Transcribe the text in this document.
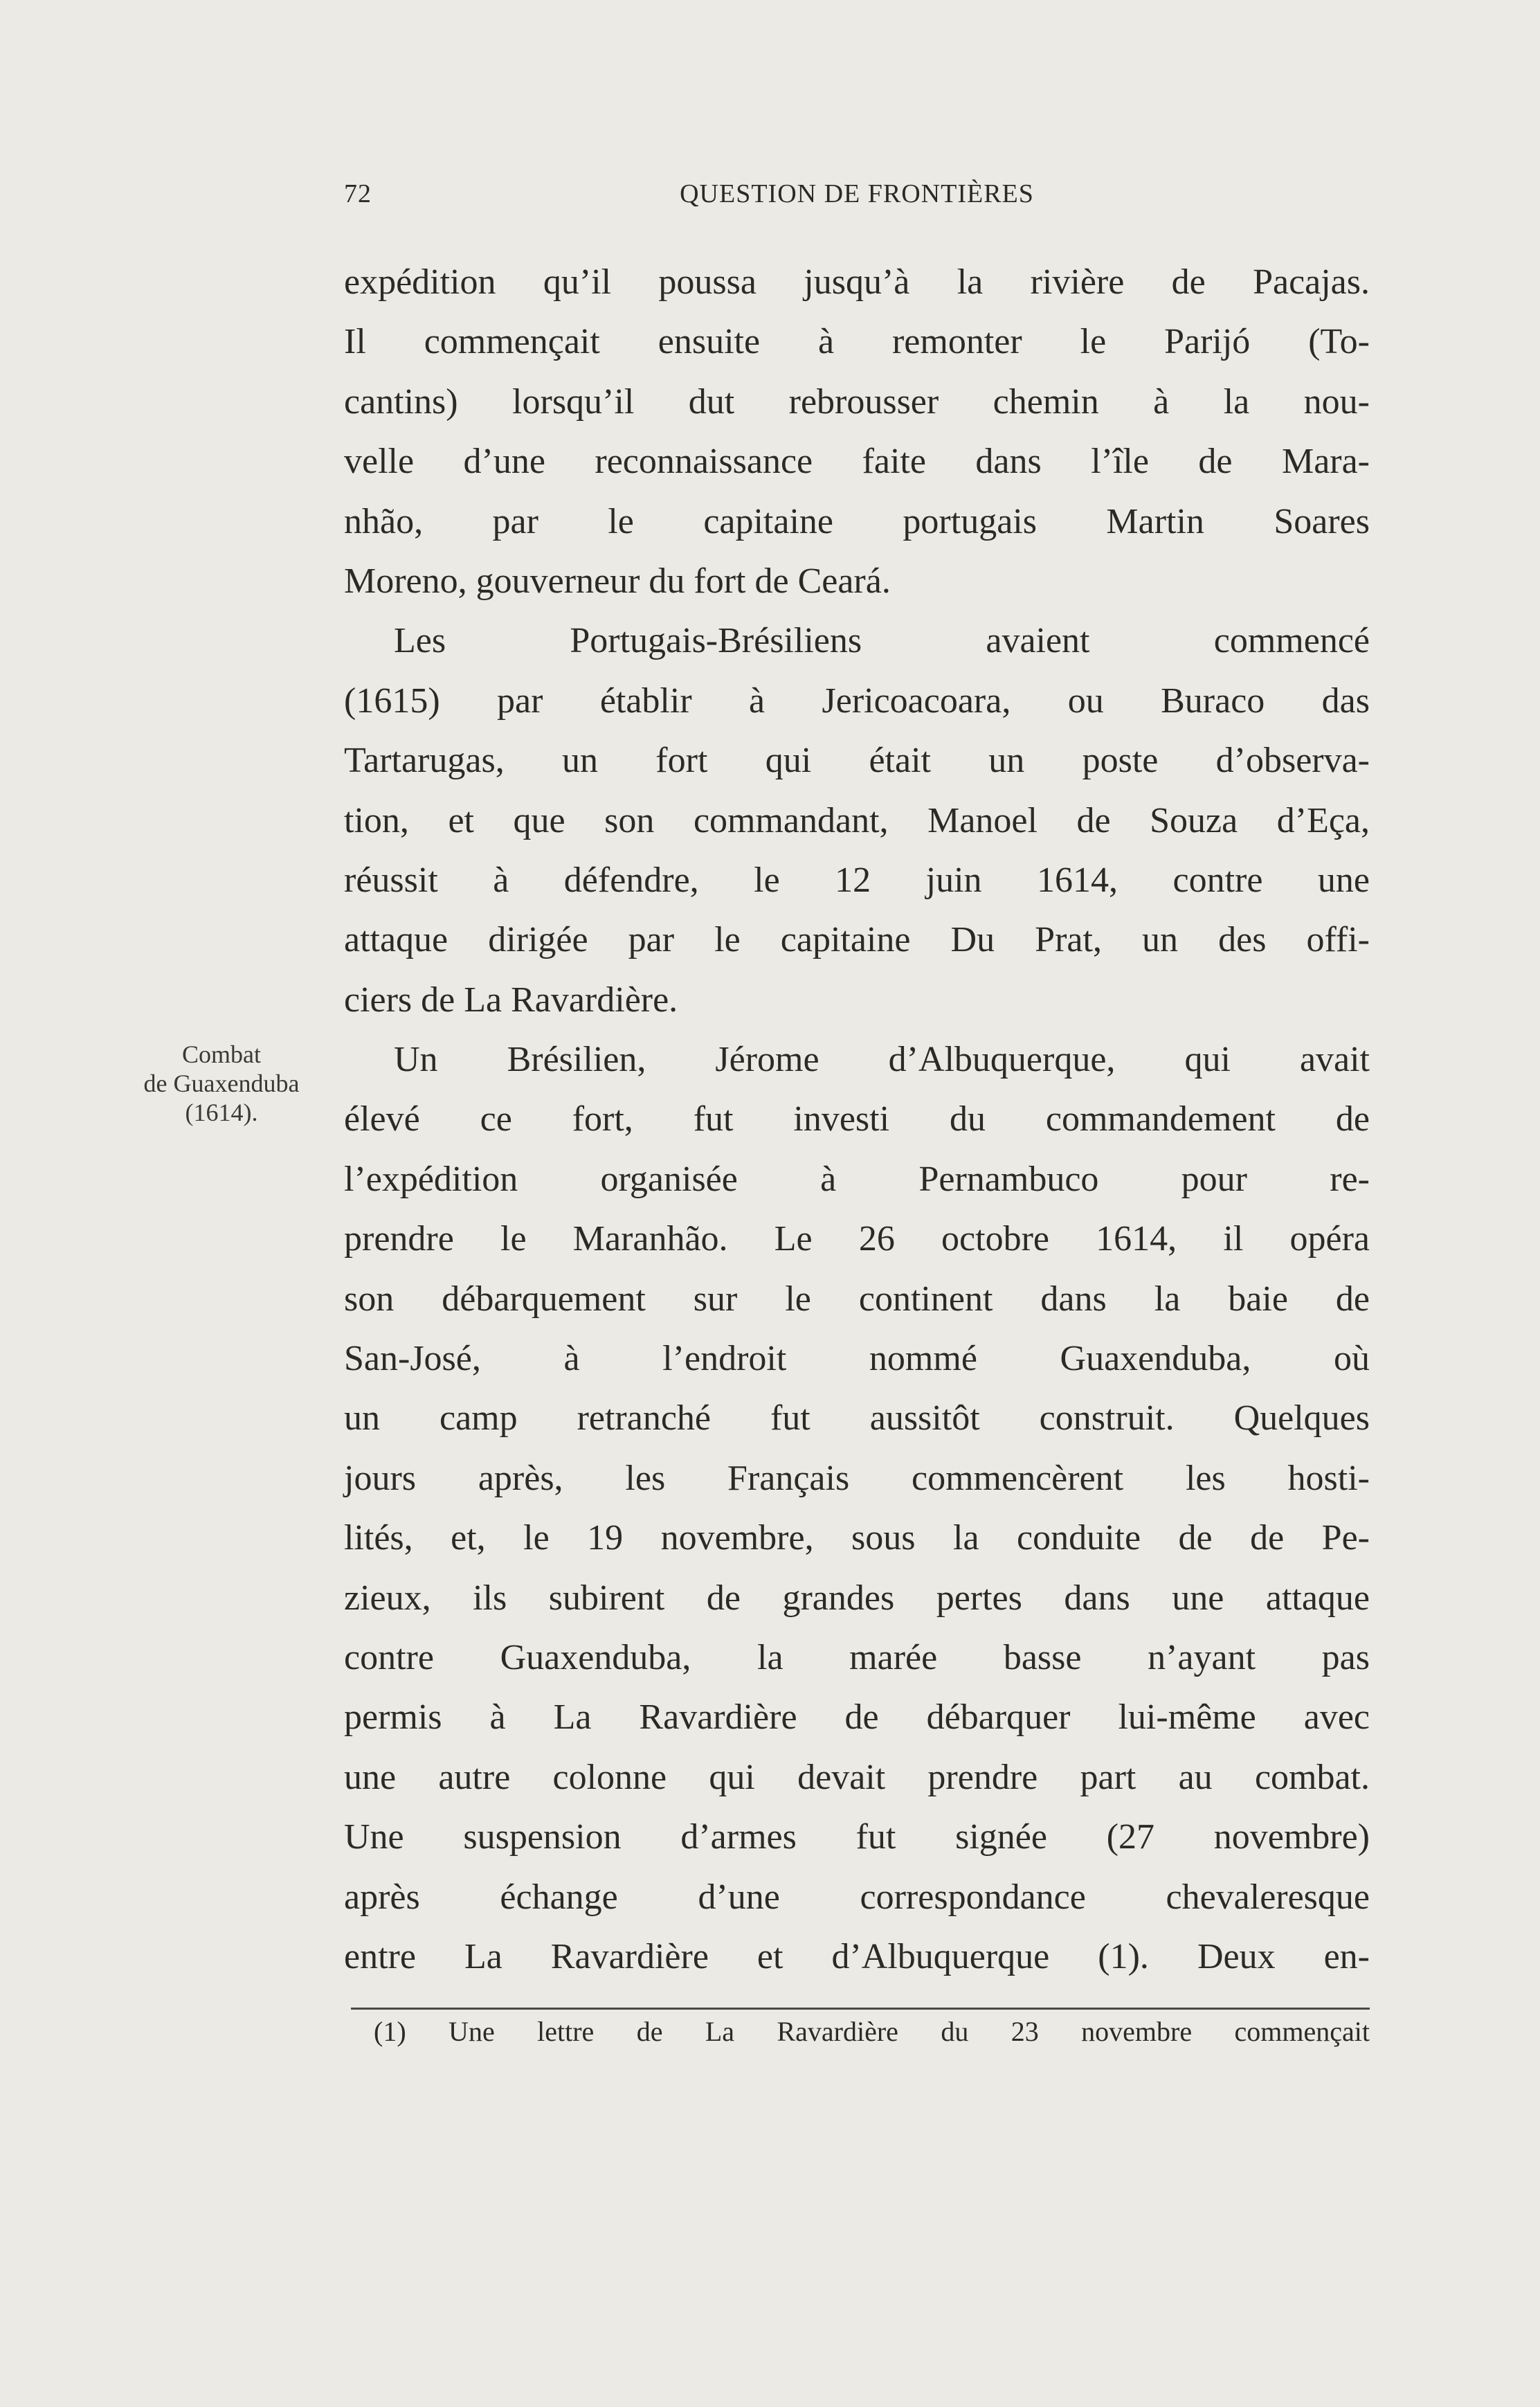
72	QUESTION DE FRONTIÈRES
Combat
de Guaxenduba
(1614).
expédition qu’il poussa jusqu’à la rivière de Pacajas.
Il commençait ensuite à remonter le Parijó (To-
cantins) lorsqu’il dut rebrousser chemin à la nou-
velle d’une reconnaissance faite dans l’île de Mara-
nhão, par le capitaine portugais Martin Soares
Moreno, gouverneur du fort de Ceará.
Les Portugais-Brésiliens avaient commencé
(1615) par établir à Jericoacoara, ou Buraco das
Tartarugas, un fort qui était un poste d’observa-
tion, et que son commandant, Manoel de Souza d’Eça,
réussit à défendre, le 12 juin 1614, contre une
attaque dirigée par le capitaine Du Prat, un des offi-
ciers de La Ravardière.
Un Brésilien, Jérome d’Albuquerque, qui avait
élevé ce fort, fut investi du commandement de
l’expédition organisée à Pernambuco pour re-
prendre le Maranhão. Le 26 octobre 1614, il opéra
son débarquement sur le continent dans la baie de
San-José, à l’endroit nommé Guaxenduba, où
un camp retranché fut aussitôt construit. Quelques
jours après, les Français commencèrent les hosti-
lités, et, le 19 novembre, sous la conduite de de Pe-
zieux, ils subirent de grandes pertes dans une attaque
contre Guaxenduba, la marée basse n’ayant pas
permis à La Ravardière de débarquer lui-même avec
une autre colonne qui devait prendre part au combat.
Une suspension d’armes fut signée (27 novembre)
après échange d’une correspondance chevaleresque
entre La Ravardière et d’Albuquerque (1). Deux en-
(1) Une lettre de La Ravardière du 23 novembre commençait
